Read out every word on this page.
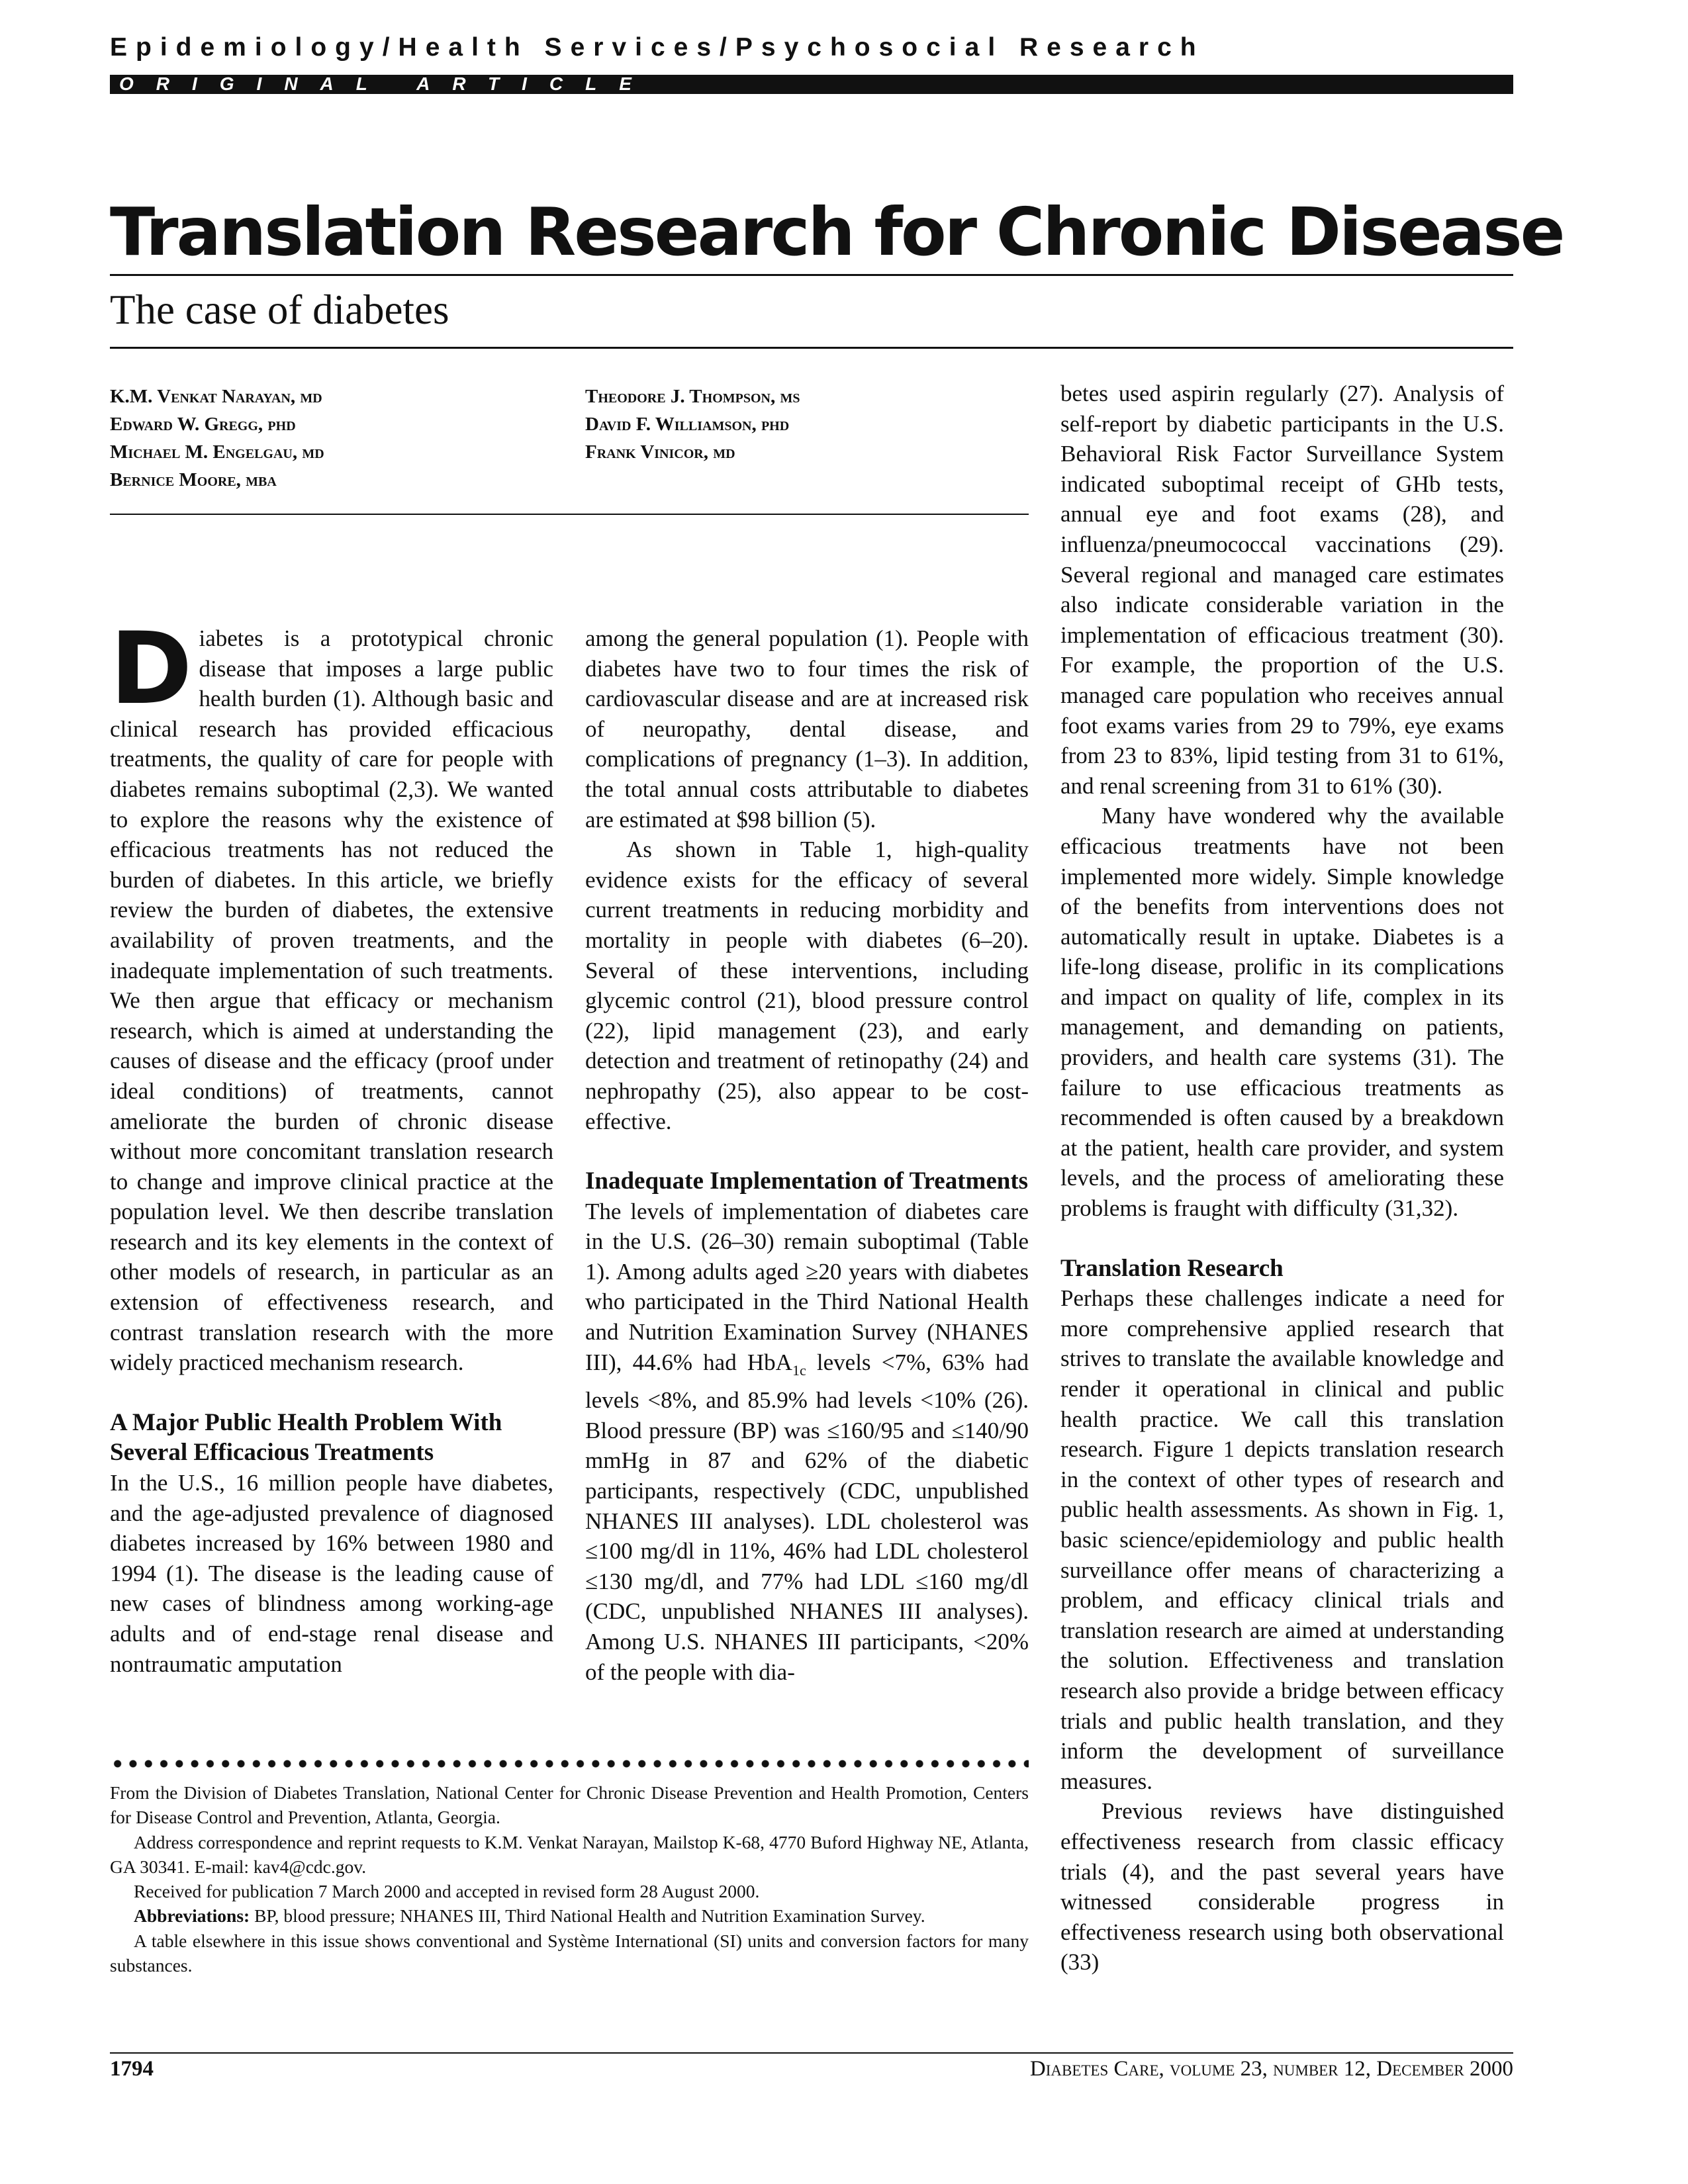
Epidemiology/Health Services/Psychosocial Research
ORIGINAL ARTICLE
Translation Research for Chronic Disease
The case of diabetes
K.M. Venkat Narayan, md
Edward W. Gregg, phd
Michael M. Engelgau, md
Bernice Moore, mba
Theodore J. Thompson, ms
David F. Williamson, phd
Frank Vinicor, md

Diabetes is a prototypical chronic disease that imposes a large public health burden (1). Although basic and clinical research has provided efficacious treatments, the quality of care for people with diabetes remains suboptimal (2,3). We wanted to explore the reasons why the existence of efficacious treatments has not reduced the burden of diabetes. In this article, we briefly review the burden of diabetes, the extensive availability of proven treatments, and the inadequate implementation of such treatments. We then argue that efficacy or mechanism research, which is aimed at understanding the causes of disease and the efficacy (proof under ideal conditions) of treatments, cannot ameliorate the burden of chronic disease without more concomitant translation research to change and improve clinical practice at the population level. We then describe translation research and its key elements in the context of other models of research, in particular as an extension of effectiveness research, and contrast translation research with the more widely practiced mechanism research.

A Major Public Health Problem With Several Efficacious Treatments

In the U.S., 16 million people have diabetes, and the age-adjusted prevalence of diagnosed diabetes increased by 16% between 1980 and 1994 (1). The disease is the leading cause of new cases of blindness among working-age adults and of end-stage renal disease and nontraumatic amputation

among the general population (1). People with diabetes have two to four times the risk of cardiovascular disease and are at increased risk of neuropathy, dental disease, and complications of pregnancy (1–3). In addition, the total annual costs attributable to diabetes are estimated at $98 billion (5).

As shown in Table 1, high-quality evidence exists for the efficacy of several current treatments in reducing morbidity and mortality in people with diabetes (6–20). Several of these interventions, including glycemic control (21), blood pressure control (22), lipid management (23), and early detection and treatment of retinopathy (24) and nephropathy (25), also appear to be cost-effective.

Inadequate Implementation of Treatments

The levels of implementation of diabetes care in the U.S. (26–30) remain suboptimal (Table 1). Among adults aged ≥20 years with diabetes who participated in the Third National Health and Nutrition Examination Survey (NHANES III), 44.6% had HbA$_{1c}$ levels <7%, 63% had levels <8%, and 85.9% had levels <10% (26). Blood pressure (BP) was ≤160/95 and ≤140/90 mmHg in 87 and 62% of the diabetic participants, respectively (CDC, unpublished NHANES III analyses). LDL cholesterol was ≤100 mg/dl in 11%, 46% had LDL cholesterol ≤130 mg/dl, and 77% had LDL ≤160 mg/dl (CDC, unpublished NHANES III analyses). Among U.S. NHANES III participants, <20% of the people with dia-

betes used aspirin regularly (27). Analysis of self-report by diabetic participants in the U.S. Behavioral Risk Factor Surveillance System indicated suboptimal receipt of GHb tests, annual eye and foot exams (28), and influenza/pneumococcal vaccinations (29). Several regional and managed care estimates also indicate considerable variation in the implementation of efficacious treatment (30). For example, the proportion of the U.S. managed care population who receives annual foot exams varies from 29 to 79%, eye exams from 23 to 83%, lipid testing from 31 to 61%, and renal screening from 31 to 61% (30).

Many have wondered why the available efficacious treatments have not been implemented more widely. Simple knowledge of the benefits from interventions does not automatically result in uptake. Diabetes is a life-long disease, prolific in its complications and impact on quality of life, complex in its management, and demanding on patients, providers, and health care systems (31). The failure to use efficacious treatments as recommended is often caused by a breakdown at the patient, health care provider, and system levels, and the process of ameliorating these problems is fraught with difficulty (31,32).

Translation Research

Perhaps these challenges indicate a need for more comprehensive applied research that strives to translate the available knowledge and render it operational in clinical and public health practice. We call this translation research. Figure 1 depicts translation research in the context of other types of research and public health assessments. As shown in Fig. 1, basic science/epidemiology and public health surveillance offer means of characterizing a problem, and efficacy clinical trials and translation research are aimed at understanding the solution. Effectiveness and translation research also provide a bridge between efficacy trials and public health translation, and they inform the development of surveillance measures.

Previous reviews have distinguished effectiveness research from classic efficacy trials (4), and the past several years have witnessed considerable progress in effectiveness research using both observational (33)

From the Division of Diabetes Translation, National Center for Chronic Disease Prevention and Health Promotion, Centers for Disease Control and Prevention, Atlanta, Georgia.

Address correspondence and reprint requests to K.M. Venkat Narayan, Mailstop K-68, 4770 Buford Highway NE, Atlanta, GA 30341. E-mail: kav4@cdc.gov.

Received for publication 7 March 2000 and accepted in revised form 28 August 2000.

Abbreviations: BP, blood pressure; NHANES III, Third National Health and Nutrition Examination Survey.

A table elsewhere in this issue shows conventional and Système International (SI) units and conversion factors for many substances.

1794	Diabetes Care, volume 23, number 12, December 2000
